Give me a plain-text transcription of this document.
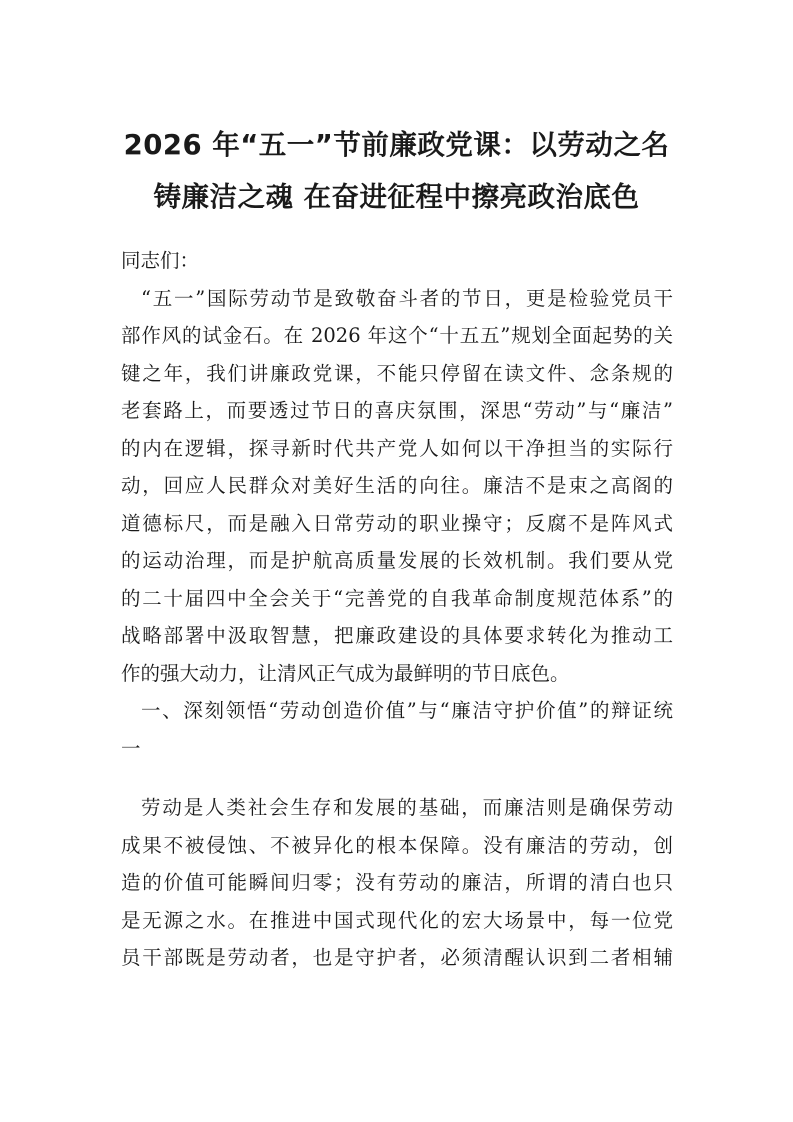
2026 年“五一”节前廉政党课：以劳动之名
铸廉洁之魂 在奋进征程中擦亮政治底色
同志们：
“五一”国际劳动节是致敬奋斗者的节日，更是检验党员干
部作风的试金石。在 2026 年这个“十五五”规划全面起势的关
键之年，我们讲廉政党课，不能只停留在读文件、念条规的
老套路上，而要透过节日的喜庆氛围，深思“劳动”与“廉洁”
的内在逻辑，探寻新时代共产党人如何以干净担当的实际行
动，回应人民群众对美好生活的向往。廉洁不是束之高阁的
道德标尺，而是融入日常劳动的职业操守；反腐不是阵风式
的运动治理，而是护航高质量发展的长效机制。我们要从党
的二十届四中全会关于“完善党的自我革命制度规范体系”的
战略部署中汲取智慧，把廉政建设的具体要求转化为推动工
作的强大动力，让清风正气成为最鲜明的节日底色。
一、深刻领悟“劳动创造价值”与“廉洁守护价值”的辩证统
一
劳动是人类社会生存和发展的基础，而廉洁则是确保劳动
成果不被侵蚀、不被异化的根本保障。没有廉洁的劳动，创
造的价值可能瞬间归零；没有劳动的廉洁，所谓的清白也只
是无源之水。在推进中国式现代化的宏大场景中，每一位党
员干部既是劳动者，也是守护者，必须清醒认识到二者相辅
